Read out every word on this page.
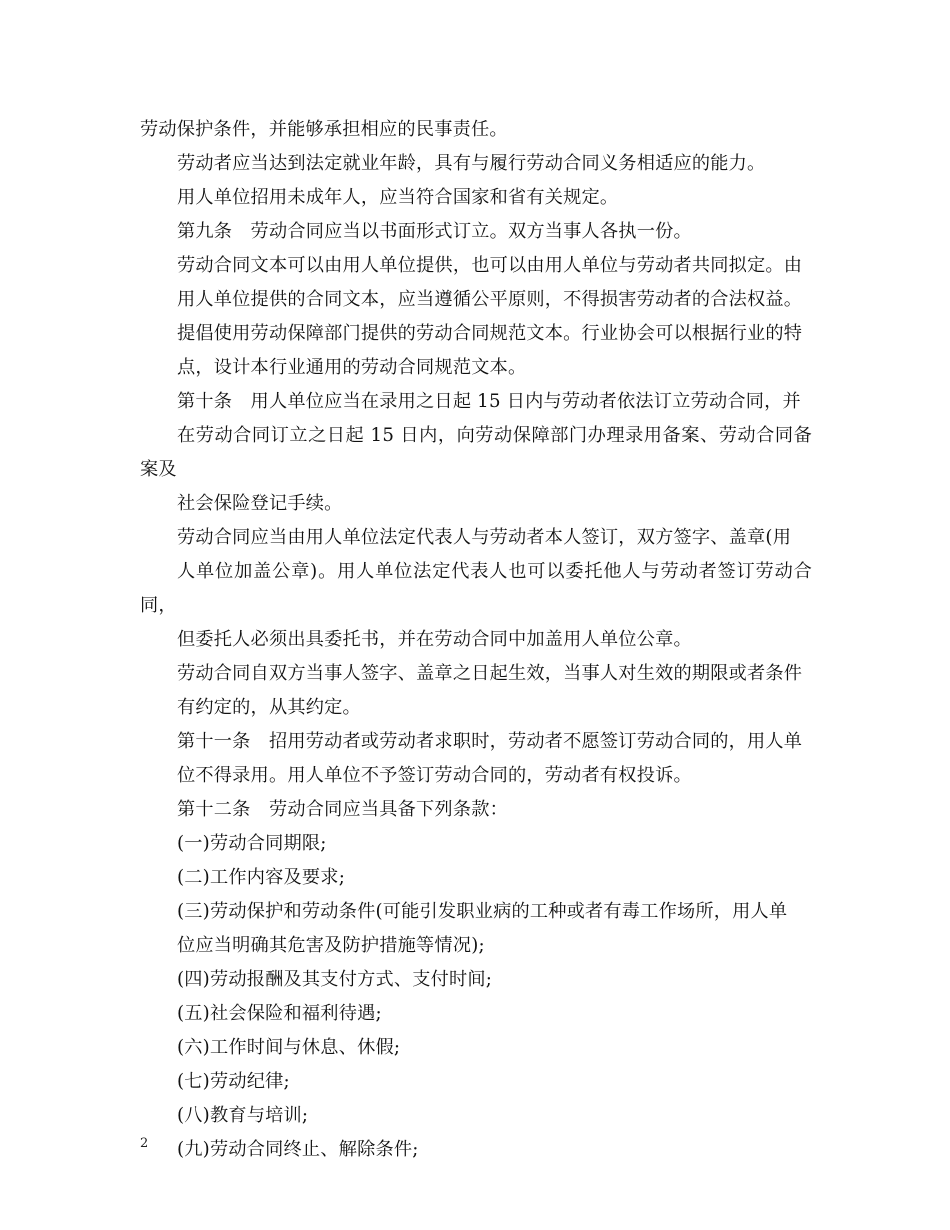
劳动保护条件，并能够承担相应的民事责任。

劳动者应当达到法定就业年龄，具有与履行劳动合同义务相适应的能力。

用人单位招用未成年人，应当符合国家和省有关规定。

第九条　劳动合同应当以书面形式订立。双方当事人各执一份。

劳动合同文本可以由用人单位提供，也可以由用人单位与劳动者共同拟定。由
用人单位提供的合同文本，应当遵循公平原则，不得损害劳动者的合法权益。

提倡使用劳动保障部门提供的劳动合同规范文本。行业协会可以根据行业的特
点，设计本行业通用的劳动合同规范文本。

第十条　用人单位应当在录用之日起 15 日内与劳动者依法订立劳动合同，并
在劳动合同订立之日起 15 日内，向劳动保障部门办理录用备案、劳动合同备案及
社会保险登记手续。

劳动合同应当由用人单位法定代表人与劳动者本人签订，双方签字、盖章(用
人单位加盖公章)。用人单位法定代表人也可以委托他人与劳动者签订劳动合同，
但委托人必须出具委托书，并在劳动合同中加盖用人单位公章。

劳动合同自双方当事人签字、盖章之日起生效，当事人对生效的期限或者条件
有约定的，从其约定。

第十一条　招用劳动者或劳动者求职时，劳动者不愿签订劳动合同的，用人单
位不得录用。用人单位不予签订劳动合同的，劳动者有权投诉。

第十二条　劳动合同应当具备下列条款：

(一)劳动合同期限;

(二)工作内容及要求;

(三)劳动保护和劳动条件(可能引发职业病的工种或者有毒工作场所，用人单
位应当明确其危害及防护措施等情况);

(四)劳动报酬及其支付方式、支付时间;

(五)社会保险和福利待遇;

(六)工作时间与休息、休假;

(七)劳动纪律;

(八)教育与培训;

(九)劳动合同终止、解除条件;

2
